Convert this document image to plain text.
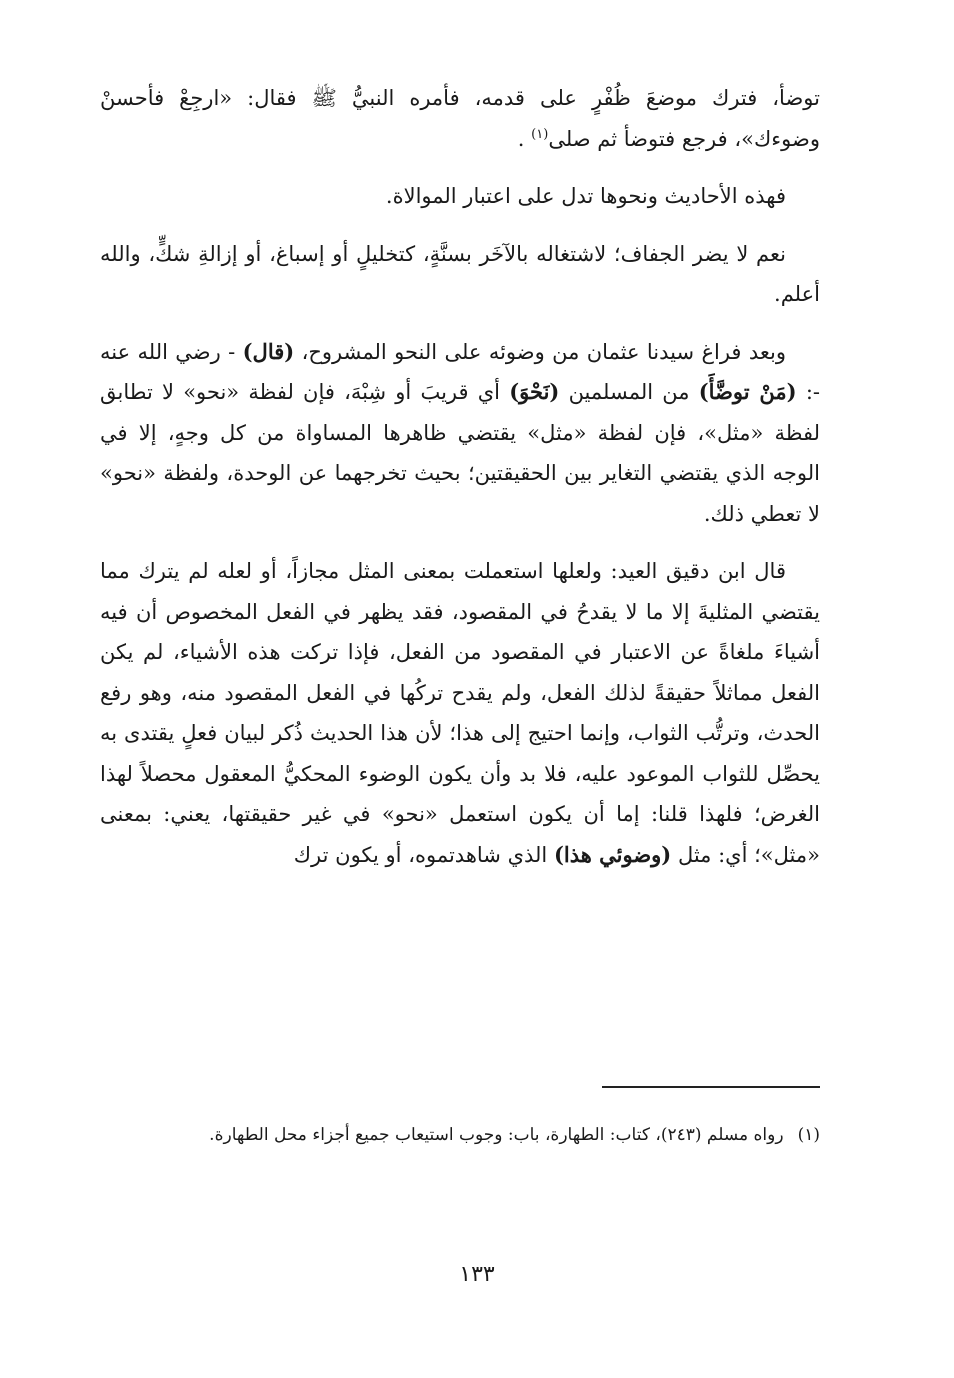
توضأ، فترك موضعَ ظُفْرٍ على قدمه، فأمره النبيُّ ﷺ فقال: «ارجِعْ فأحسنْ وضوءك»، فرجع فتوضأ ثم صلى$^{(١)}$ .

فهذه الأحاديث ونحوها تدل على اعتبار الموالاة.

نعم لا يضر الجفاف؛ لاشتغاله بالآخَر بسنَّةٍ، كتخليلٍ أو إسباغ، أو إزالةِ شكٍّ، والله أعلم.

وبعد فراغ سيدنا عثمان من وضوئه على النحو المشروح، (قال) - رضي الله عنه -: (مَنْ توضَّأَ) من المسلمين (نَحْوَ) أي قريبَ أو شِبْهَ، فإن لفظة «نحو» لا تطابق لفظة «مثل»، فإن لفظة «مثل» يقتضي ظاهرها المساواة من كل وجهٍ، إلا في الوجه الذي يقتضي التغاير بين الحقيقتين؛ بحيث تخرجهما عن الوحدة، ولفظة «نحو» لا تعطي ذلك.

قال ابن دقيق العيد: ولعلها استعملت بمعنى المثل مجازاً، أو لعله لم يترك مما يقتضي المثليةَ إلا ما لا يقدحُ في المقصود، فقد يظهر في الفعل المخصوص أن فيه أشياءَ ملغاةً عن الاعتبار في المقصود من الفعل، فإذا تركت هذه الأشياء، لم يكن الفعل مماثلاً حقيقةً لذلك الفعل، ولم يقدح تركُها في الفعل المقصود منه، وهو رفع الحدث، وترتُّب الثواب، وإنما احتيج إلى هذا؛ لأن هذا الحديث ذُكر لبيان فعلٍ يقتدى به يحصِّل للثواب الموعود عليه، فلا بد وأن يكون الوضوء المحكيُّ المعقول محصلاً لهذا الغرض؛ فلهذا قلنا: إما أن يكون استعمل «نحو» في غير حقيقتها، يعني: بمعنى «مثل»؛ أي: مثل (وضوئي هذا) الذي شاهدتموه، أو يكون ترك

(١)رواه مسلم (٢٤٣)، كتاب: الطهارة، باب: وجوب استيعاب جميع أجزاء محل الطهارة.
١٣٣
